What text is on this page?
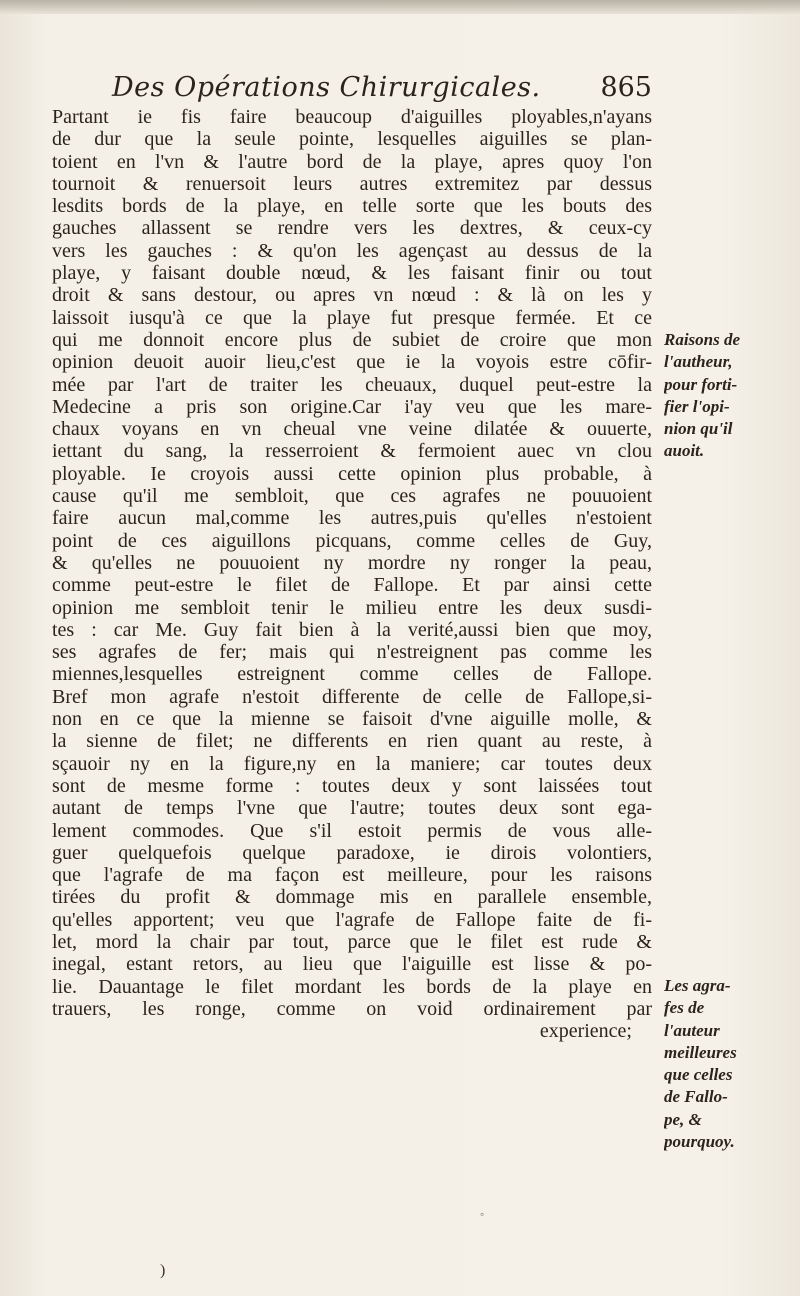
Des Opérations Chirurgicales. 865
Partant ie fis faire beaucoup d'aiguilles ployables,n'ayans
de dur que la seule pointe, lesquelles aiguilles se plan-
toient en l'vn & l'autre bord de la playe, apres quoy l'on
tournoit & renuersoit leurs autres extremitez par dessus
lesdits bords de la playe, en telle sorte que les bouts des
gauches allassent se rendre vers les dextres, & ceux-cy
vers les gauches : & qu'on les agençast au dessus de la
playe, y faisant double nœud, & les faisant finir ou tout
droit & sans destour, ou apres vn nœud : & là on les y
laissoit iusqu'à ce que la playe fut presque fermée. Et ce
qui me donnoit encore plus de subiet de croire que mon
opinion deuoit auoir lieu,c'est que ie la voyois estre cōfir-
mée par l'art de traiter les cheuaux, duquel peut-estre la
Medecine a pris son origine.Car i'ay veu que les mare-
chaux voyans en vn cheual vne veine dilatée & ouuerte,
iettant du sang, la resserroient & fermoient auec vn clou
ployable. Ie croyois aussi cette opinion plus probable, à
cause qu'il me sembloit, que ces agrafes ne pouuoient
faire aucun mal,comme les autres,puis qu'elles n'estoient
point de ces aiguillons picquans, comme celles de Guy,
& qu'elles ne pouuoient ny mordre ny ronger la peau,
comme peut-estre le filet de Fallope. Et par ainsi cette
opinion me sembloit tenir le milieu entre les deux susdi-
tes : car Me. Guy fait bien à la verité,aussi bien que moy,
ses agrafes de fer; mais qui n'estreignent pas comme les
miennes,lesquelles estreignent comme celles de Fallope.
Bref mon agrafe n'estoit differente de celle de Fallope,si-
non en ce que la mienne se faisoit d'vne aiguille molle, &
la sienne de filet; ne differents en rien quant au reste, à
sçauoir ny en la figure,ny en la maniere; car toutes deux
sont de mesme forme : toutes deux y sont laissées tout
autant de temps l'vne que l'autre; toutes deux sont ega-
lement commodes. Que s'il estoit permis de vous alle-
guer quelquefois quelque paradoxe, ie dirois volontiers,
que l'agrafe de ma façon est meilleure, pour les raisons
tirées du profit & dommage mis en parallele ensemble,
qu'elles apportent; veu que l'agrafe de Fallope faite de fi-
let, mord la chair par tout, parce que le filet est rude &
inegal, estant retors, au lieu que l'aiguille est lisse & po-
lie. Dauantage le filet mordant les bords de la playe en
trauers, les ronge, comme on void ordinairement par
experience;
Raisons de
l'autheur,
pour forti-
fier l'opi-
nion qu'il
auoit.
Les agra-
fes de
l'auteur
meilleures
que celles
de Fallo-
pe, &
pourquoy.
◦
)
